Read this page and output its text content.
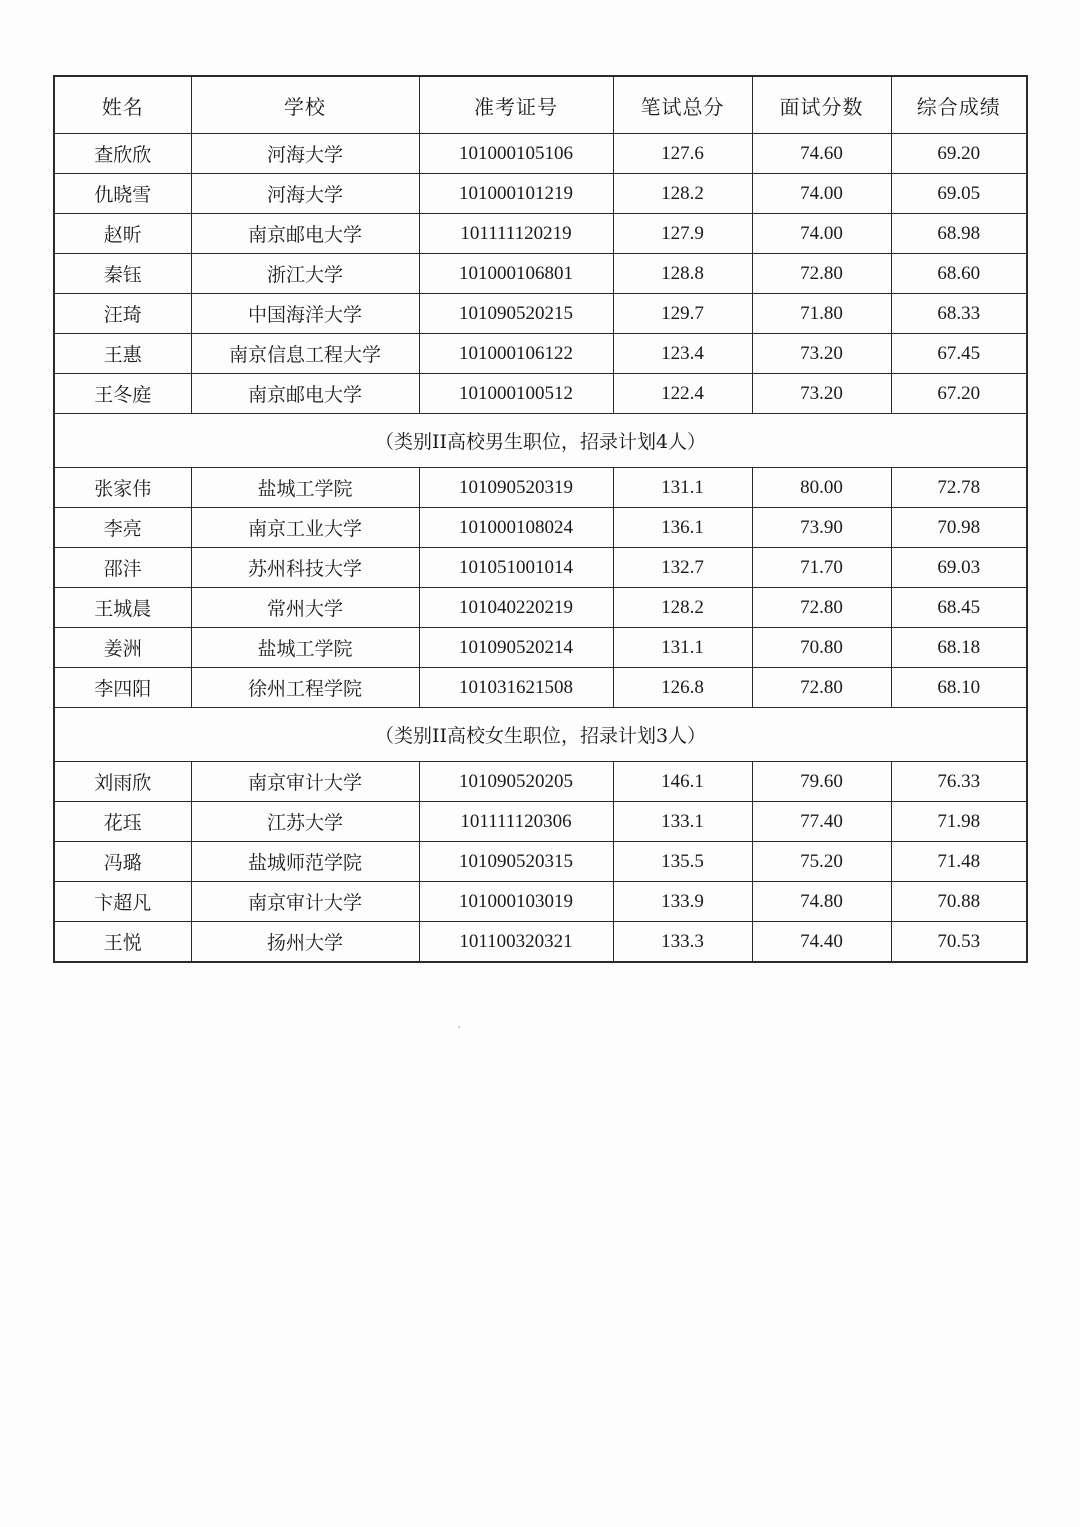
姓名	学校	准考证号	笔试总分	面试分数	综合成绩
查欣欣	河海大学	101000105106	127.6	74.60	69.20
仇晓雪	河海大学	101000101219	128.2	74.00	69.05
赵昕	南京邮电大学	101111120219	127.9	74.00	68.98
秦钰	浙江大学	101000106801	128.8	72.80	68.60
汪琦	中国海洋大学	101090520215	129.7	71.80	68.33
王惠	南京信息工程大学	101000106122	123.4	73.20	67.45
王冬庭	南京邮电大学	101000100512	122.4	73.20	67.20
（类别II高校男生职位，招录计划4人）					
张家伟	盐城工学院	101090520319	131.1	80.00	72.78
李亮	南京工业大学	101000108024	136.1	73.90	70.98
邵沣	苏州科技大学	101051001014	132.7	71.70	69.03
王城晨	常州大学	101040220219	128.2	72.80	68.45
姜洲	盐城工学院	101090520214	131.1	70.80	68.18
李四阳	徐州工程学院	101031621508	126.8	72.80	68.10
（类别II高校女生职位，招录计划3人）					
刘雨欣	南京审计大学	101090520205	146.1	79.60	76.33
花珏	江苏大学	101111120306	133.1	77.40	71.98
冯璐	盐城师范学院	101090520315	135.5	75.20	71.48
卞超凡	南京审计大学	101000103019	133.9	74.80	70.88
王悦	扬州大学	101100320321	133.3	74.40	70.53
